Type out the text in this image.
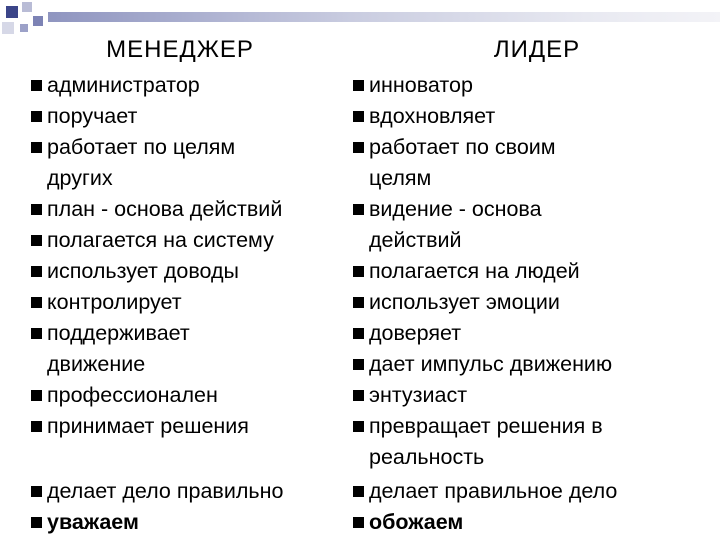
МЕНЕДЖЕР
администратор
поручает
работает по целям
других
план - основа действий
полагается на систему
использует доводы
контролирует
поддерживает
движение
профессионален
принимает решения
делает дело правильно
уважаем
ЛИДЕР
инноватор
вдохновляет
работает по своим
целям
видение - основа
действий
полагается на людей
использует эмоции
доверяет
дает импульс движению
энтузиаст
превращает решения в
реальность
делает правильное дело
обожаем
